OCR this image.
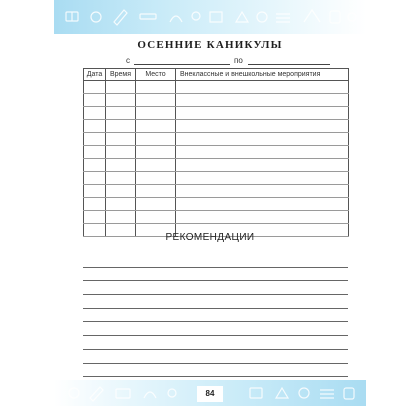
ОСЕННИЕ КАНИКУЛЫ
с	по
Дата	Время	Место	Внеклассные и внешкольные мероприятия

РЕКОМЕНДАЦИИ
84
